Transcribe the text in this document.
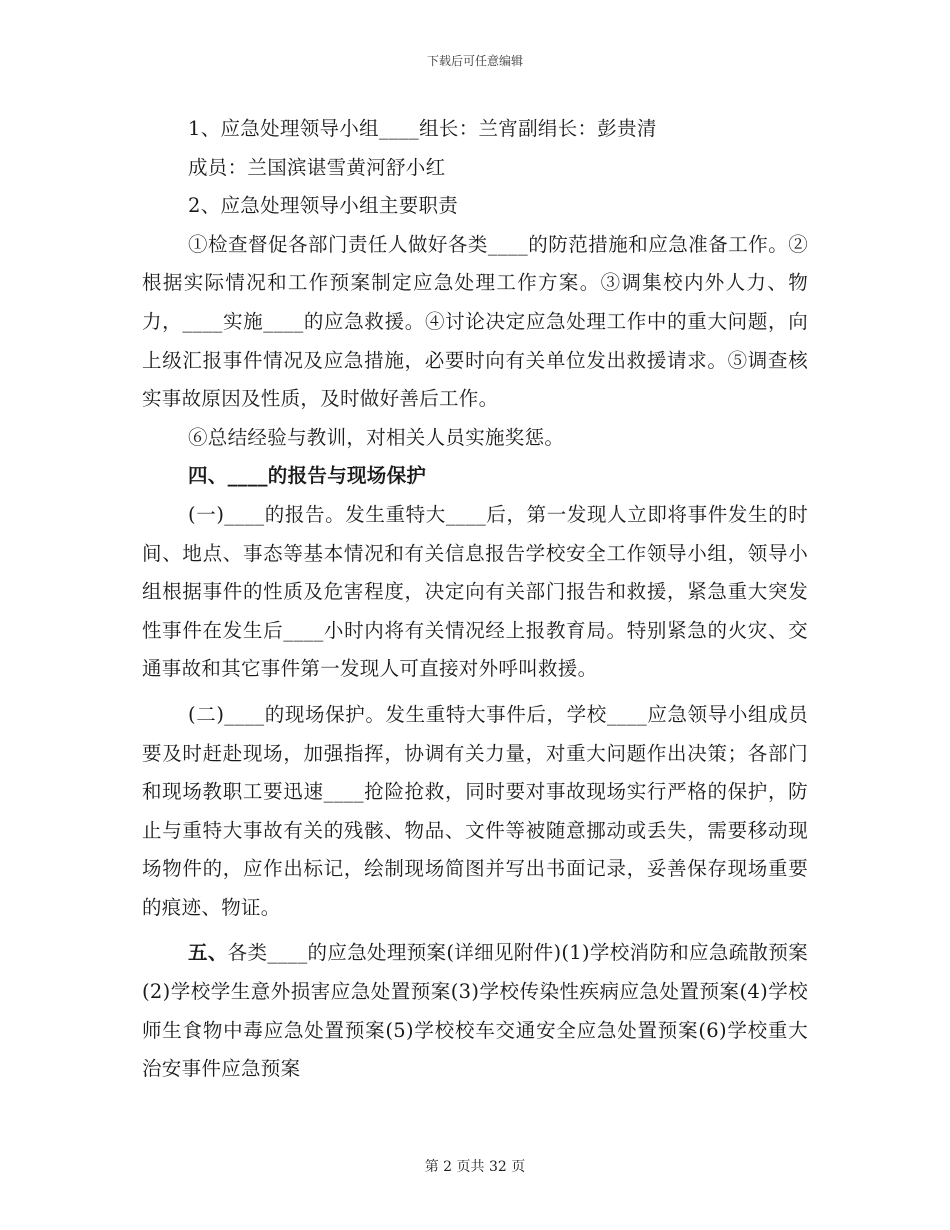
下载后可任意编辑

1、应急处理领导小组____组长：兰宵副绢长：彭贵清

成员：兰国滨谌雪黄河舒小红

2、应急处理领导小组主要职责

①检查督促各部门责任人做好各类____的防范措施和应急准备工作。②根据实际情况和工作预案制定应急处理工作方案。③调集校内外人力、物力，____实施____的应急救援。④讨论决定应急处理工作中的重大问题，向上级汇报事件情况及应急措施，必要时向有关单位发出救援请求。⑤调查核实事故原因及性质，及时做好善后工作。

⑥总结经验与教训，对相关人员实施奖惩。

四、____的报告与现场保护

(一)____的报告。发生重特大____后，第一发现人立即将事件发生的时间、地点、事态等基本情况和有关信息报告学校安全工作领导小组，领导小组根据事件的性质及危害程度，决定向有关部门报告和救援，紧急重大突发性事件在发生后____小时内将有关情况经上报教育局。特别紧急的火灾、交通事故和其它事件第一发现人可直接对外呼叫救援。

(二)____的现场保护。发生重特大事件后，学校____应急领导小组成员要及时赶赴现场，加强指挥，协调有关力量，对重大问题作出决策；各部门和现场教职工要迅速____抢险抢救，同时要对事故现场实行严格的保护，防止与重特大事故有关的残骸、物品、文件等被随意挪动或丢失，需要移动现场物件的，应作出标记，绘制现场简图并写出书面记录，妥善保存现场重要的痕迹、物证。

五、各类____的应急处理预案(详细见附件)(1)学校消防和应急疏散预案(2)学校学生意外损害应急处置预案(3)学校传染性疾病应急处置预案(4)学校师生食物中毒应急处置预案(5)学校校车交通安全应急处置预案(6)学校重大治安事件应急预案

第 2 页共 32 页
